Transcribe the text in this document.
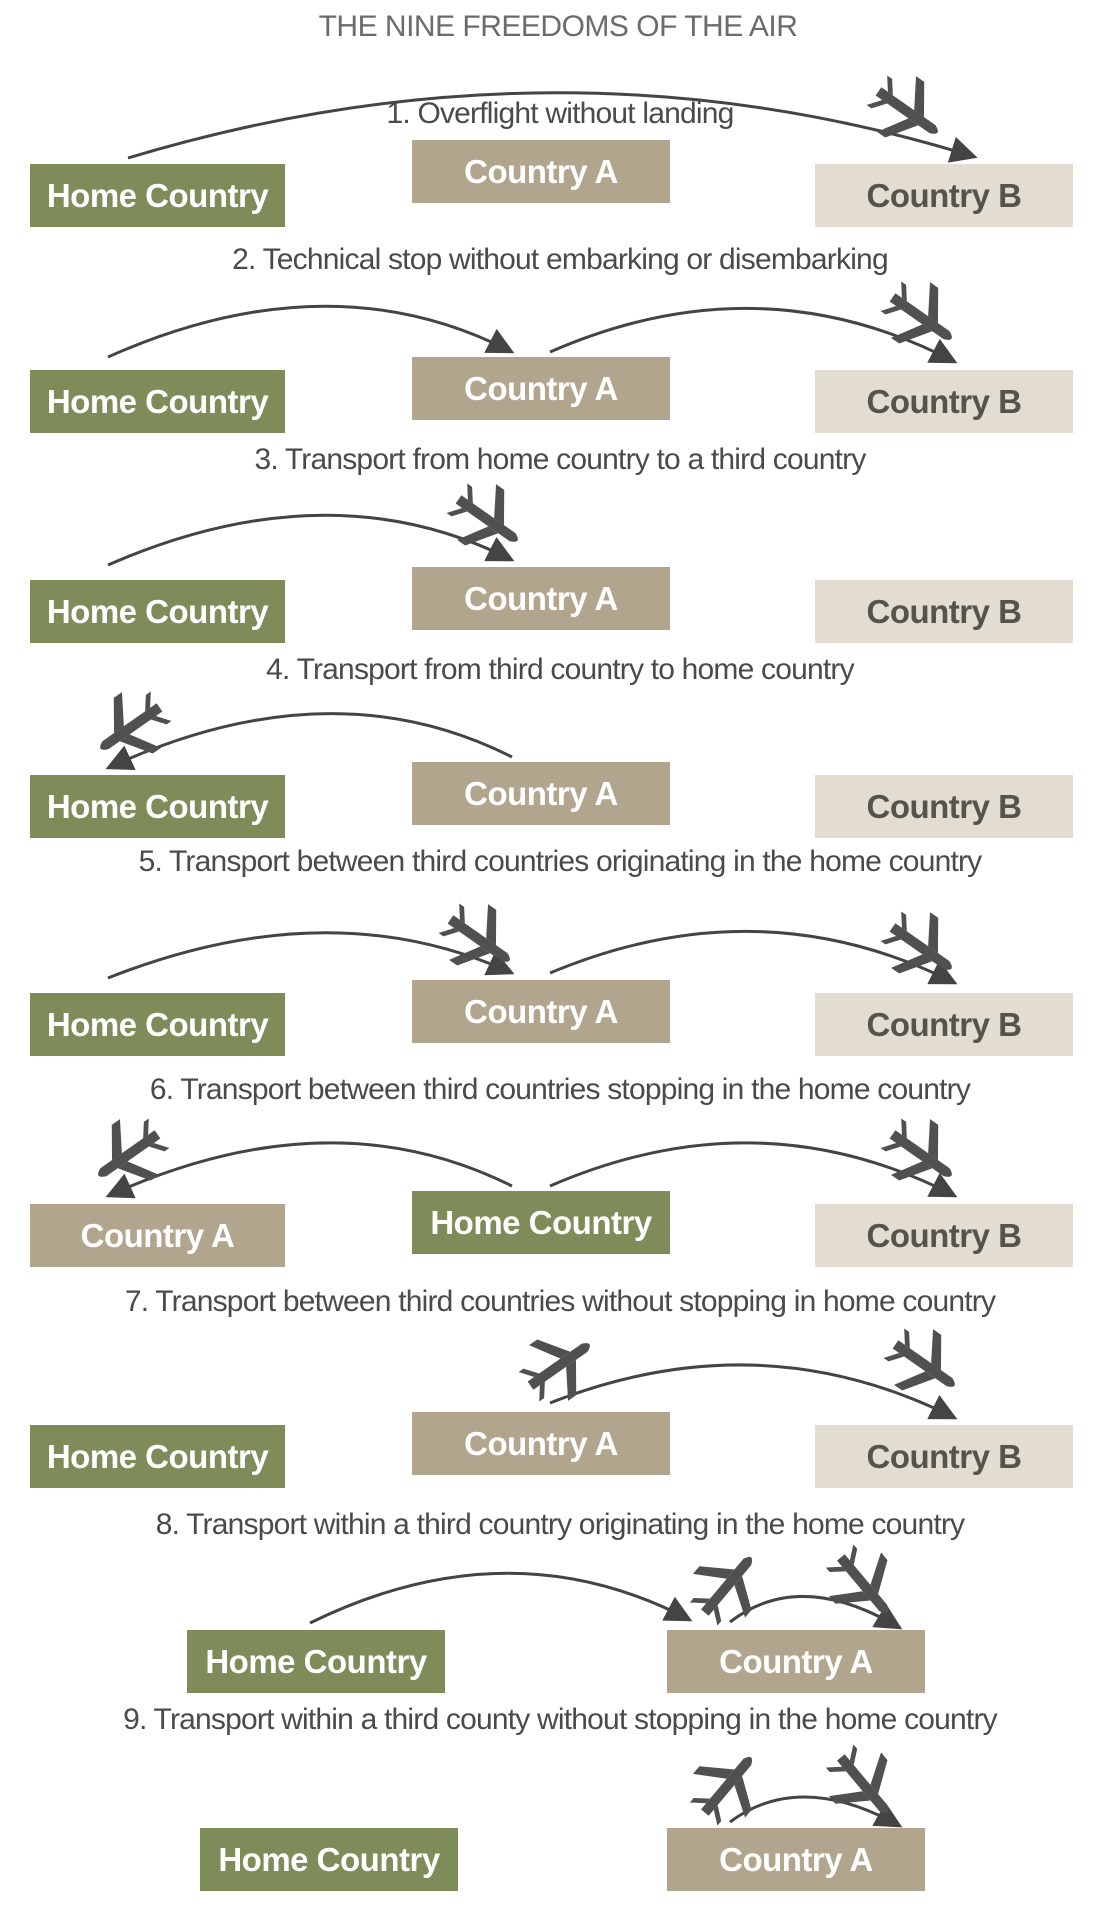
THE NINE FREEDOMS OF THE AIR
1. Overflight without landing
Home Country
Country A
Country B
2. Technical stop without embarking or disembarking
Home Country	Country A	Country B
3. Transport from home country to a third country
Home Country	Country A	Country B
4. Transport from third country to home country
Home Country	Country A	Country B
5. Transport between third countries originating in the home country
Home Country	Country A	Country B
6. Transport between third countries stopping in the home country
Country A	Home Country	Country B
7. Transport between third countries without stopping in home country
Home Country	Country A	Country B
8. Transport within a third country originating in the home country
Home Country	Country A
9. Transport within a third county without stopping in the home country
Home Country	Country A
